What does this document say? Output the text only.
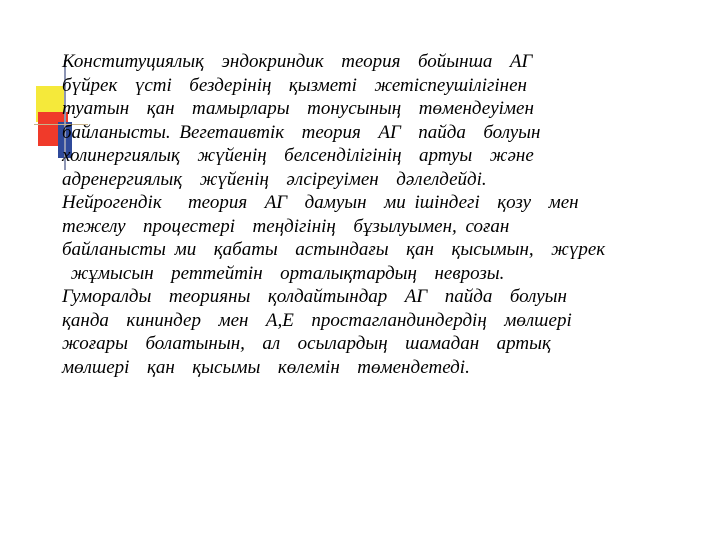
Конституциялық  эндокриндик  теория  бойынша  АГ
бүйрек  үсті  бездерінің  қызметі  жетіспеушілігінен
туатын  қан  тамырлары  тонусының  төмендеуімен
байланысты. Вегетаивтік  теория  АГ  пайда  болуын
холинергиялық  жүйенің  белсенділігінің  артуы  және
адренергиялық  жүйенің  әлсіреуімен  дәлелдейді.
Нейрогендік   теория  АГ  дамуын  ми ішіндегі  қозу  мен
тежелу  процестері  теңдігінің  бұзылуымен, соған
байланысты ми  қабаты  астындағы  қан  қысымын,  жүрек
жұмысын  реттейтін  орталықтардың  неврозы.
Гуморалды  теорияны  қолдайтындар  АГ  пайда  болуын
қанда  кининдер  мен  А,Е  простагландиндердің  мөлшері
жоғары  болатынын,  ал  осылардың  шамадан  артық
мөлшері  қан  қысымы  көлемін  төмендетеді.
